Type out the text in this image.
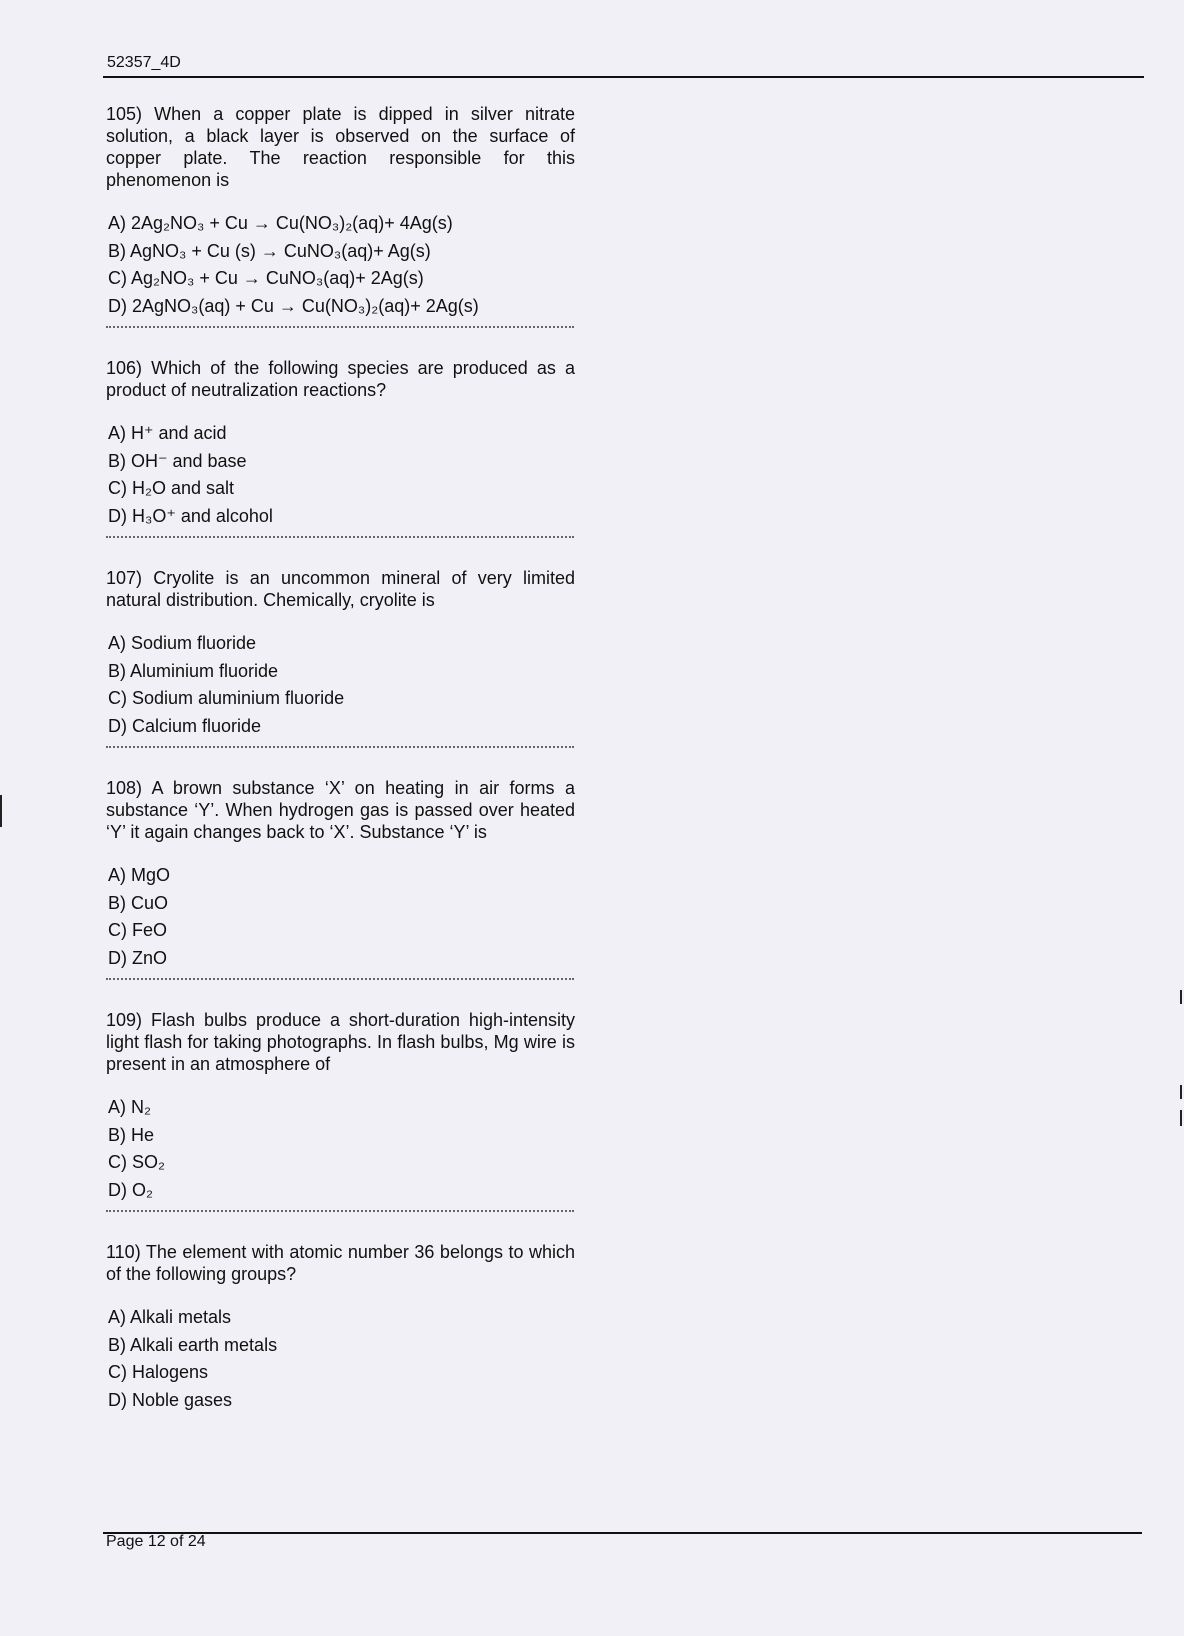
52357_4D

105) When a copper plate is dipped in silver nitrate solution, a black layer is observed on the surface of copper plate. The reaction responsible for this phenomenon is

A) 2Ag₂NO₃ + Cu → Cu(NO₃)₂(aq)+ 4Ag(s)
B) AgNO₃ + Cu (s) → CuNO₃(aq)+ Ag(s)
C) Ag₂NO₃ + Cu → CuNO₃(aq)+ 2Ag(s)
D) 2AgNO₃(aq) + Cu → Cu(NO₃)₂(aq)+ 2Ag(s)

106) Which of the following species are produced as a product of neutralization reactions?

A) H⁺ and acid
B) OH⁻ and base
C) H₂O and salt
D) H₃O⁺ and alcohol

107) Cryolite is an uncommon mineral of very limited natural distribution. Chemically, cryolite is

A) Sodium fluoride
B) Aluminium fluoride
C) Sodium aluminium fluoride
D) Calcium fluoride

108) A brown substance ‘X’ on heating in air forms a substance ‘Y’. When hydrogen gas is passed over heated ‘Y’ it again changes back to ‘X’. Substance ‘Y’ is

A) MgO
B) CuO
C) FeO
D) ZnO

109) Flash bulbs produce a short-duration high-intensity light flash for taking photographs. In flash bulbs, Mg wire is present in an atmosphere of

A) N₂
B) He
C) SO₂
D) O₂

110) The element with atomic number 36 belongs to which of the following groups?

A) Alkali metals
B) Alkali earth metals
C) Halogens
D) Noble gases
Page 12 of 24
